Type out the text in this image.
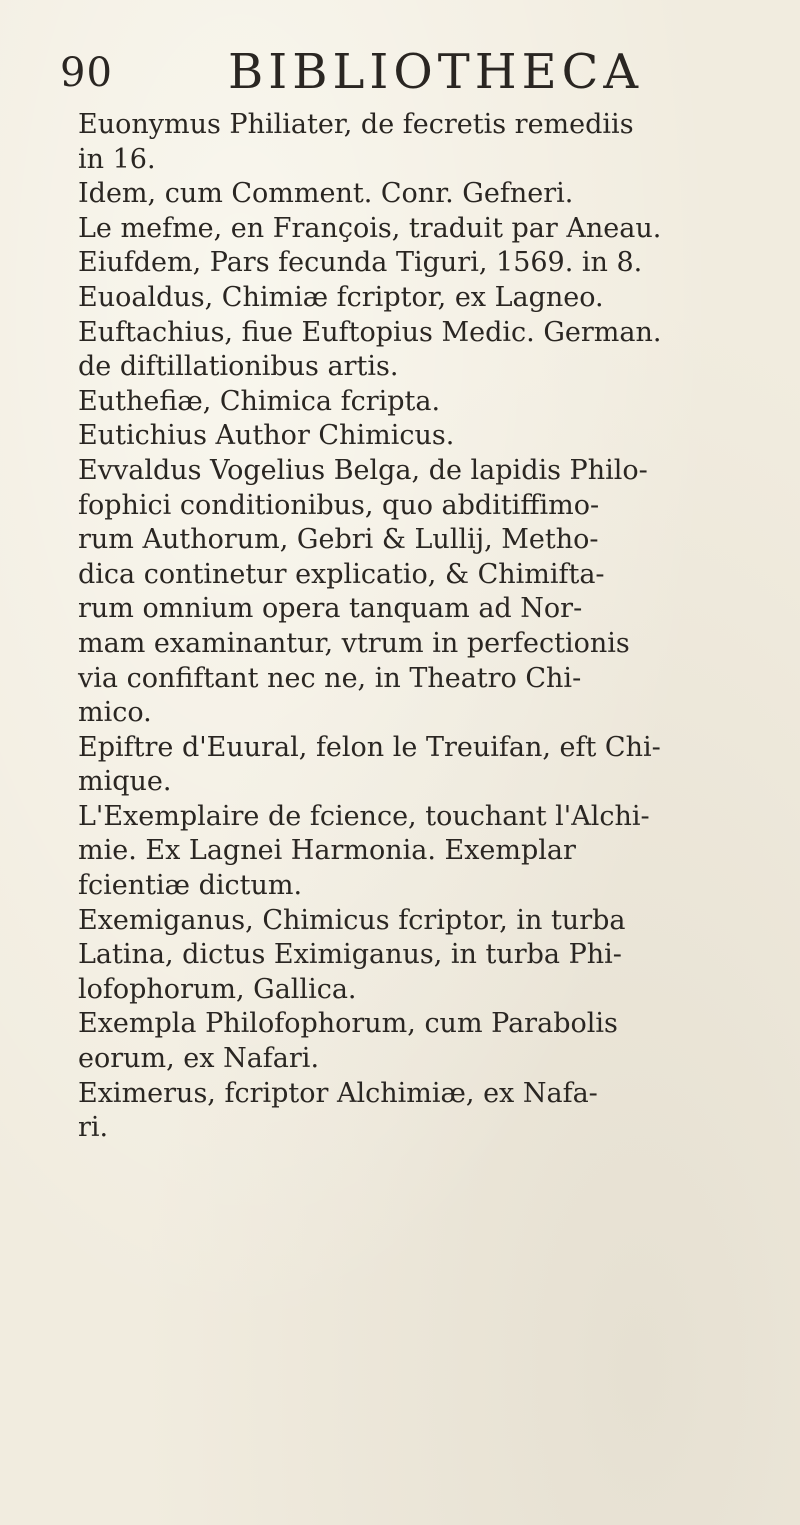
90 BIBLIOTHECA
Euonymus Philiater, de fecretis remediis
in 16.
Idem, cum Comment. Conr. Gefneri.
Le mefme, en François, traduit par Aneau.
Eiufdem, Pars fecunda Tiguri, 1569. in 8.
Euoaldus, Chimiæ fcriptor, ex Lagneo.
Euftachius, fiue Euftopius Medic. German.
de diftillationibus artis.
Euthefiæ, Chimica fcripta.
Eutichius Author Chimicus.
Evvaldus Vogelius Belga, de lapidis Philo-
fophici conditionibus, quo abditiffimo-
rum Authorum, Gebri & Lullij, Metho-
dica continetur explicatio, & Chimifta-
rum omnium opera tanquam ad Nor-
mam examinantur, vtrum in perfectionis
via confiftant nec ne, in Theatro Chi-
mico.
Epiftre d'Euural, felon le Treuifan, eft Chi-
mique.
L'Exemplaire de fcience, touchant l'Alchi-
mie. Ex Lagnei Harmonia. Exemplar
fcientiæ dictum.
Exemiganus, Chimicus fcriptor, in turba
Latina, dictus Eximiganus, in turba Phi-
lofophorum, Gallica.
Exempla Philofophorum, cum Parabolis
eorum, ex Nafari.
Eximerus, fcriptor Alchimiæ, ex Nafa-
ri.
